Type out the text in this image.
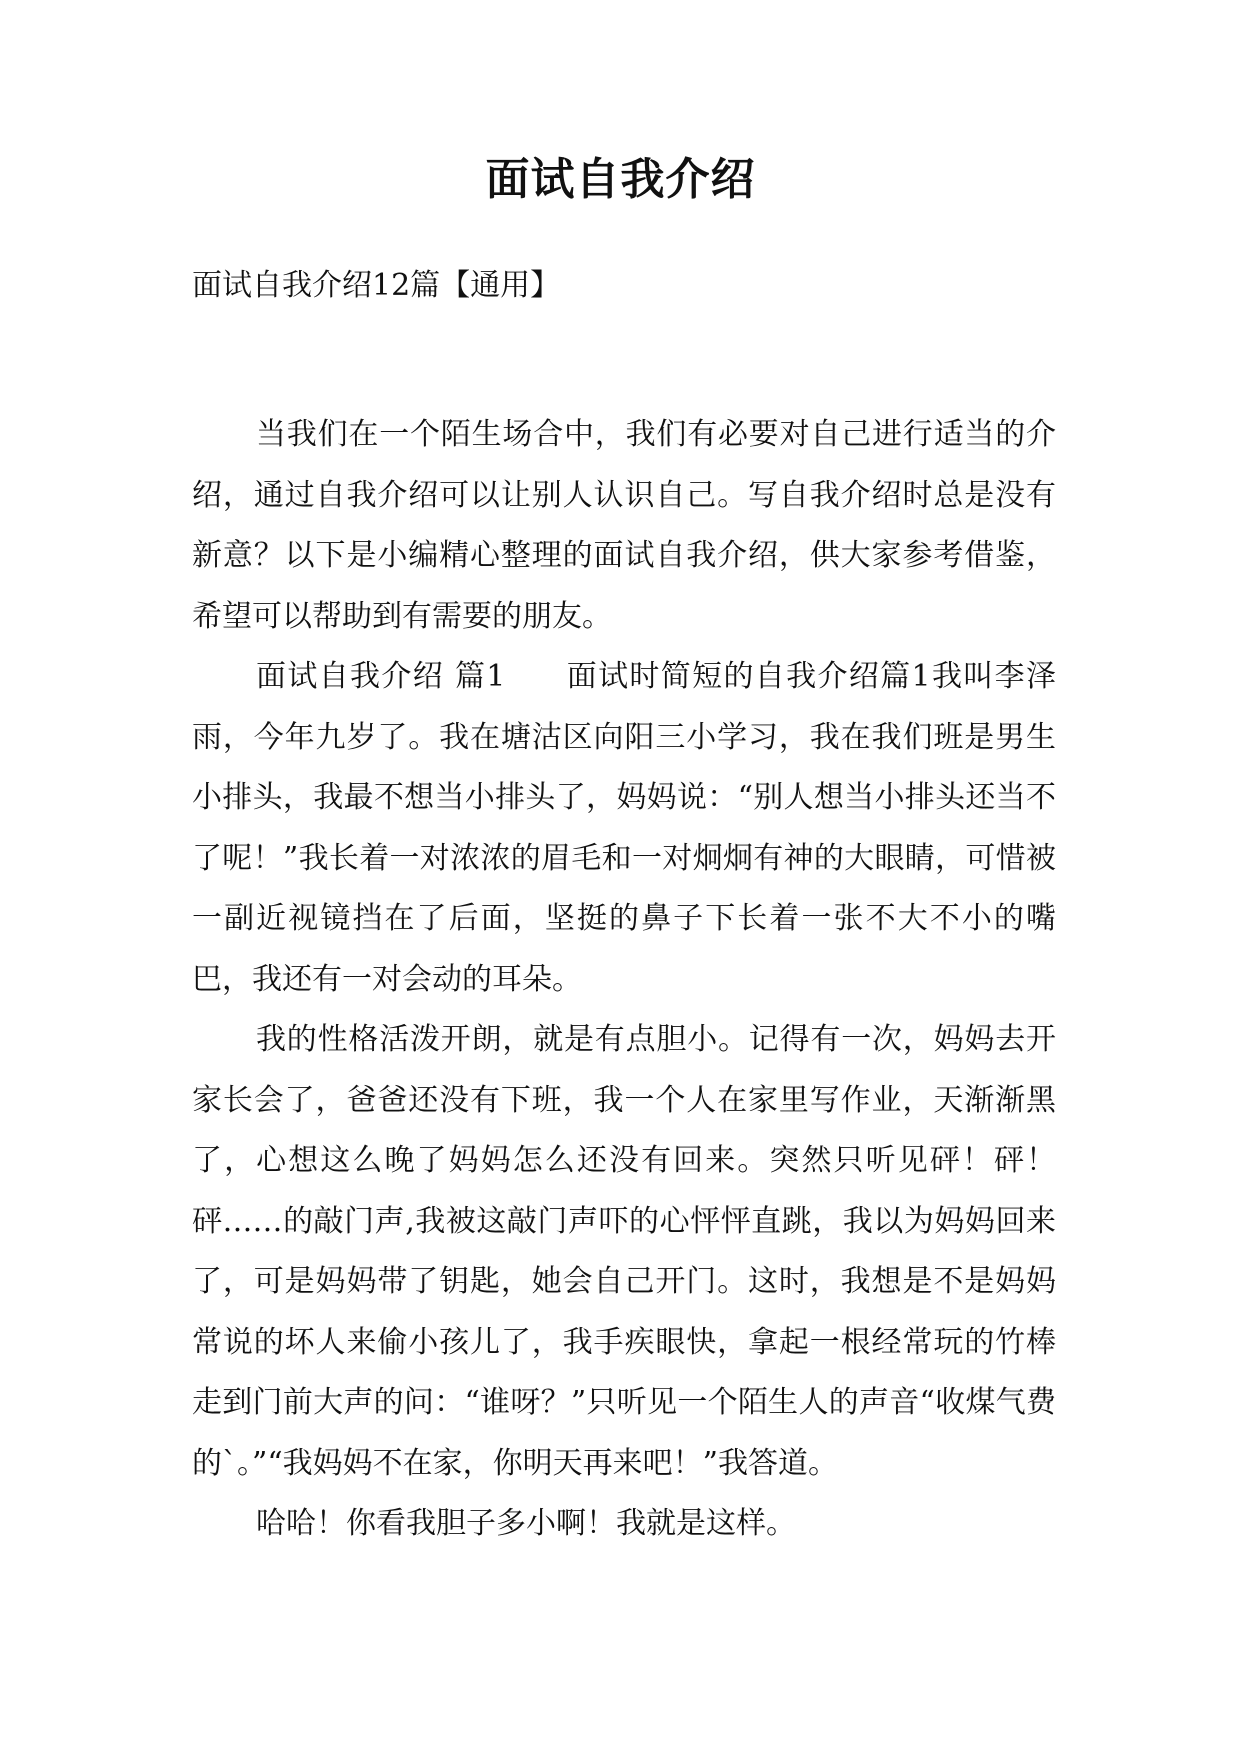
面试自我介绍
面试自我介绍12篇【通用】

当我们在一个陌生场合中，我们有必要对自己进行适当的介绍，通过自我介绍可以让别人认识自己。写自我介绍时总是没有新意？以下是小编精心整理的面试自我介绍，供大家参考借鉴，希望可以帮助到有需要的朋友。

面试自我介绍 篇1 面试时简短的自我介绍篇1我叫李泽雨，今年九岁了。我在塘沽区向阳三小学习，我在我们班是男生小排头，我最不想当小排头了，妈妈说：“别人想当小排头还当不了呢！”我长着一对浓浓的眉毛和一对炯炯有神的大眼睛，可惜被一副近视镜挡在了后面，坚挺的鼻子下长着一张不大不小的嘴巴，我还有一对会动的耳朵。

我的性格活泼开朗，就是有点胆小。记得有一次，妈妈去开家长会了，爸爸还没有下班，我一个人在家里写作业，天渐渐黑了，心想这么晚了妈妈怎么还没有回来。突然只听见砰！砰！砰……的敲门声,我被这敲门声吓的心怦怦直跳，我以为妈妈回来了，可是妈妈带了钥匙，她会自己开门。这时，我想是不是妈妈常说的坏人来偷小孩儿了，我手疾眼快，拿起一根经常玩的竹棒走到门前大声的问：“谁呀？”只听见一个陌生人的声音“收煤气费的`。”“我妈妈不在家，你明天再来吧！”我答道。

哈哈！你看我胆子多小啊！我就是这样。
